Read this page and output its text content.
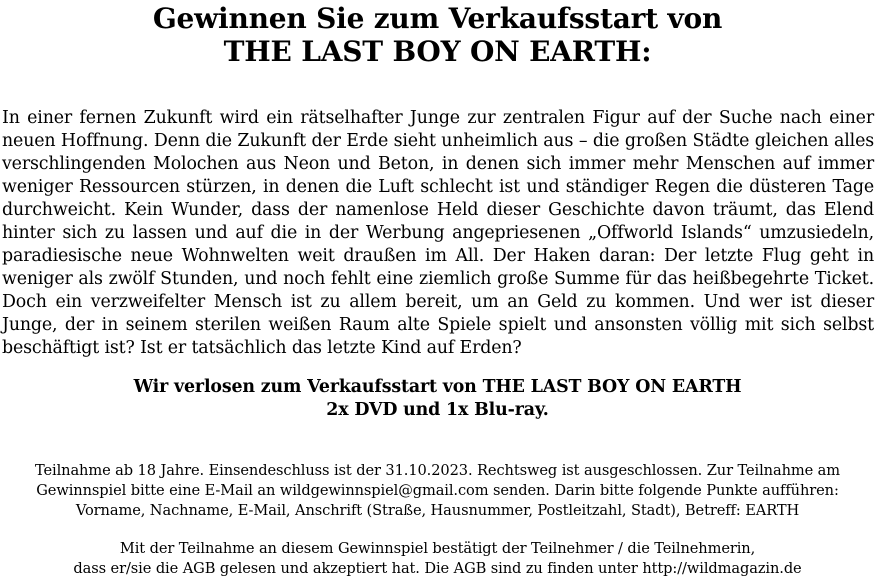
Gewinnen Sie zum Verkaufsstart von
THE LAST BOY ON EARTH:

In einer fernen Zukunft wird ein rätselhafter Junge zur zentralen Figur auf der Suche nach einer neuen Hoffnung. Denn die Zukunft der Erde sieht unheimlich aus – die großen Städte gleichen alles verschlingenden Molochen aus Neon und Beton, in denen sich immer mehr Menschen auf immer weniger Ressourcen stürzen, in denen die Luft schlecht ist und ständiger Regen die düsteren Tage durchweicht. Kein Wunder, dass der namenlose Held dieser Geschichte davon träumt, das Elend hinter sich zu lassen und auf die in der Werbung angepriesenen „Offworld Islands“ umzusiedeln, paradiesische neue Wohnwelten weit draußen im All. Der Haken daran: Der letzte Flug geht in weniger als zwölf Stunden, und noch fehlt eine ziemlich große Summe für das heißbegehrte Ticket. Doch ein verzweifelter Mensch ist zu allem bereit, um an Geld zu kommen. Und wer ist dieser Junge, der in seinem sterilen weißen Raum alte Spiele spielt und ansonsten völlig mit sich selbst beschäftigt ist? Ist er tatsächlich das letzte Kind auf Erden?

Wir verlosen zum Verkaufsstart von THE LAST BOY ON EARTH
2x DVD und 1x Blu-ray.
Teilnahme ab 18 Jahre. Einsendeschluss ist der 31.10.2023. Rechtsweg ist ausgeschlossen. Zur Teilnahme am
Gewinnspiel bitte eine E-Mail an wildgewinnspiel@gmail.com senden. Darin bitte folgende Punkte aufführen:
Vorname, Nachname, E-Mail, Anschrift (Straße, Hausnummer, Postleitzahl, Stadt), Betreff: EARTH
Mit der Teilnahme an diesem Gewinnspiel bestätigt der Teilnehmer / die Teilnehmerin,
dass er/sie die AGB gelesen und akzeptiert hat. Die AGB sind zu finden unter http://wildmagazin.de
